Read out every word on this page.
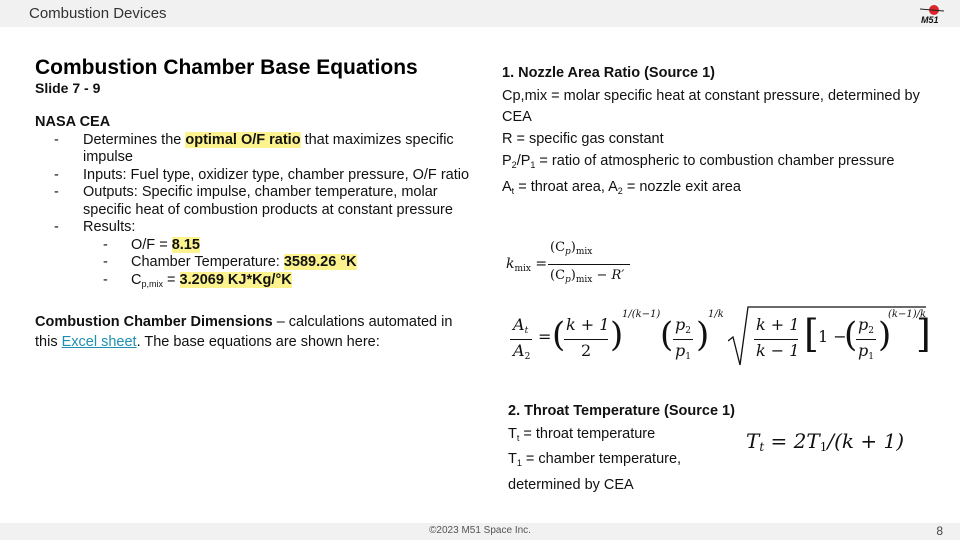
Combustion Devices	M51
Combustion Chamber Base Equations
Slide 7 - 9
NASA CEA
- Determines the optimal O/F ratio that maximizes specific impulse
- Inputs: Fuel type, oxidizer type, chamber pressure, O/F ratio
- Outputs: Specific impulse, chamber temperature, molar specific heat of combustion products at constant pressure
- Results:
- O/F = 8.15
- Chamber Temperature: 3589.26 °K
- $C_{p,mix} = 3.2069$ KJ*Kg/°K
Combustion Chamber Dimensions – calculations automated in this Excel sheet. The base equations are shown here:

1. Nozzle Area Ratio (Source 1)

Cp,mix = molar specific heat at constant pressure, determined by CEA

R = specific gas constant

$P_2/P_1$ = ratio of atmospheric to combustion chamber pressure

$A_t$ = throat area, $A_2$ = nozzle exit area

$k_{mix}$ =
$(C_p)_{mix}$
$(C_p)_{mix} - R'$
$A_t$
$A_2$
= ( k + 1
2 )
1/(k−1)
( $p_2$
$p_1$
)
1/k
k + 1
k − 1 [ 1 −
( $p_2$
$p_1$
)
(k−1)/k
]

2. Throat Temperature (Source 1)

$T_t$ = throat temperature

$T_1$ = chamber temperature, determined by CEA

$T_t = 2T_1/(k + 1)$
©2023 M51 Space Inc.	8
